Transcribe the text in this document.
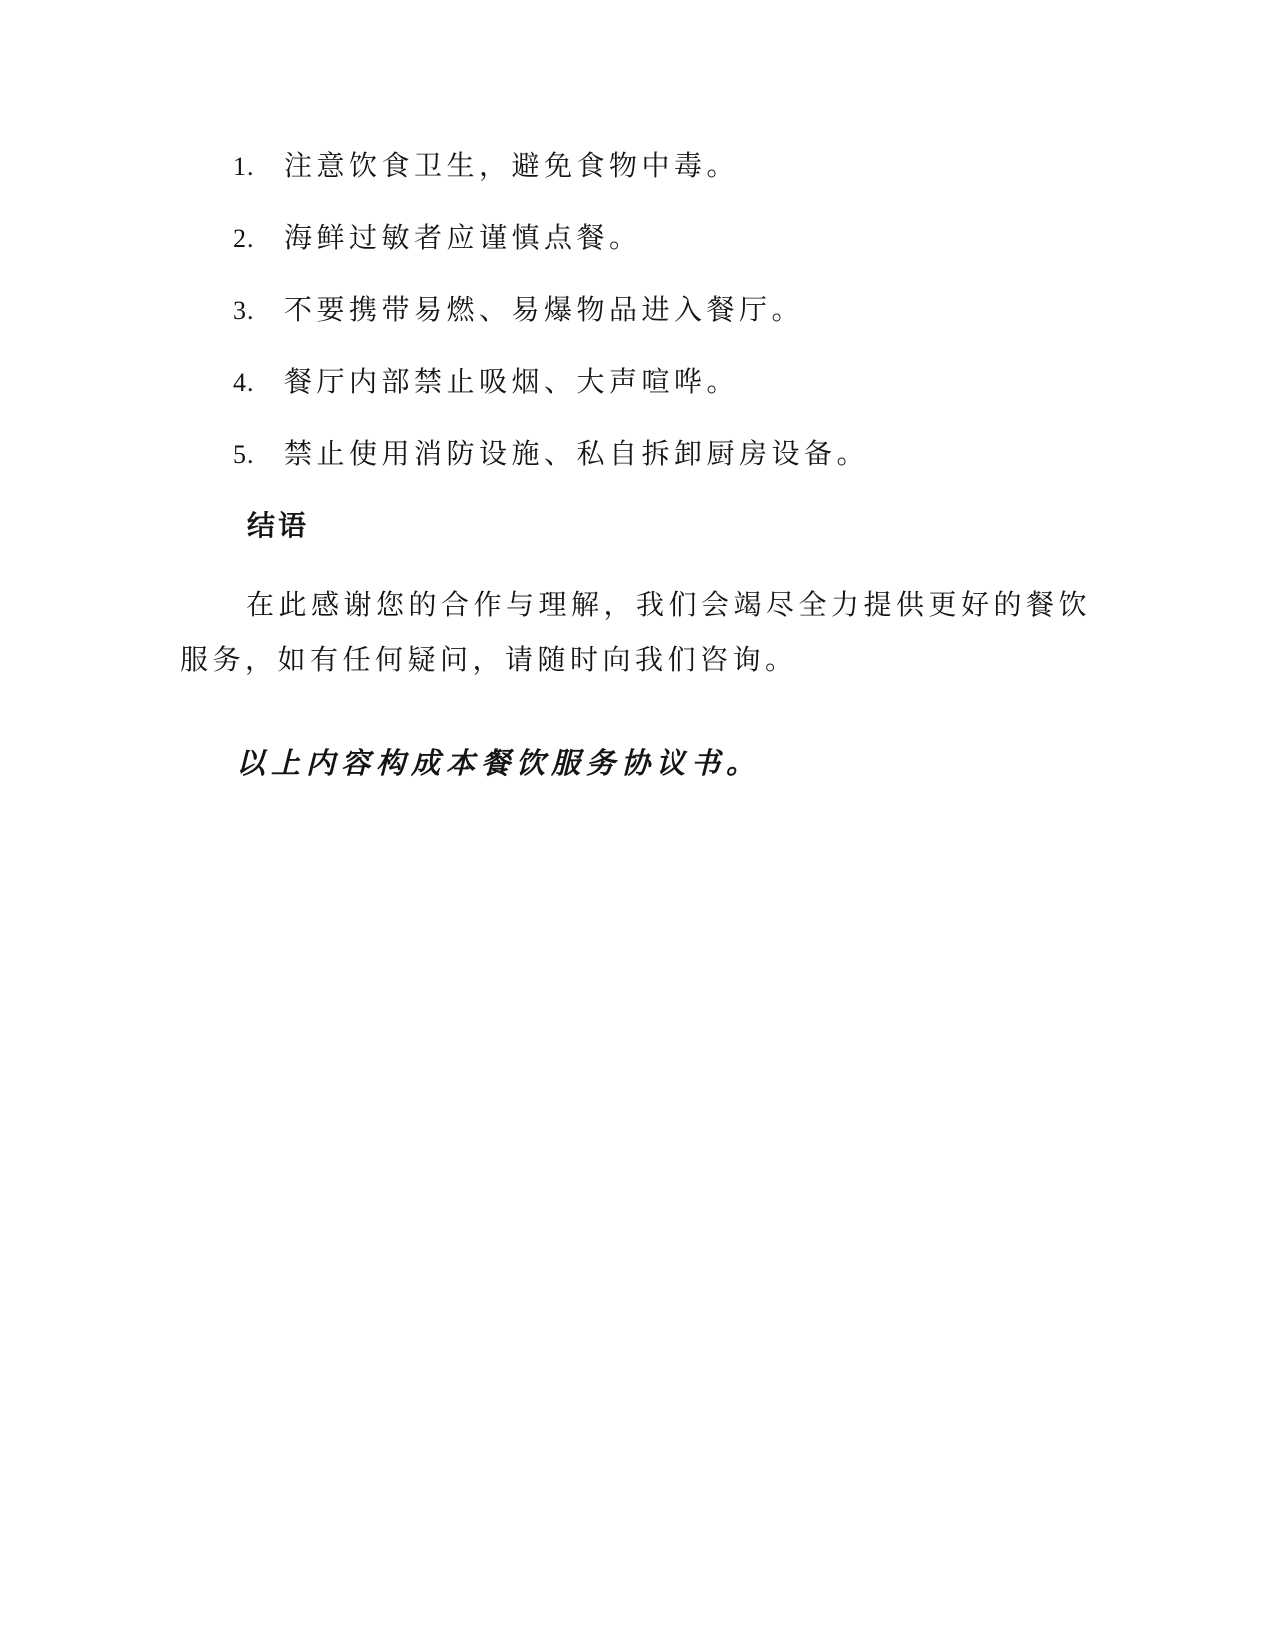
1.	注意饮食卫生，避免食物中毒。
2.	海鲜过敏者应谨慎点餐。
3.	不要携带易燃、易爆物品进入餐厅。
4.	餐厅内部禁止吸烟、大声喧哗。
5.	禁止使用消防设施、私自拆卸厨房设备。
结语

在此感谢您的合作与理解，我们会竭尽全力提供更好的餐饮服务，如有任何疑问，请随时向我们咨询。

以上内容构成本餐饮服务协议书。
